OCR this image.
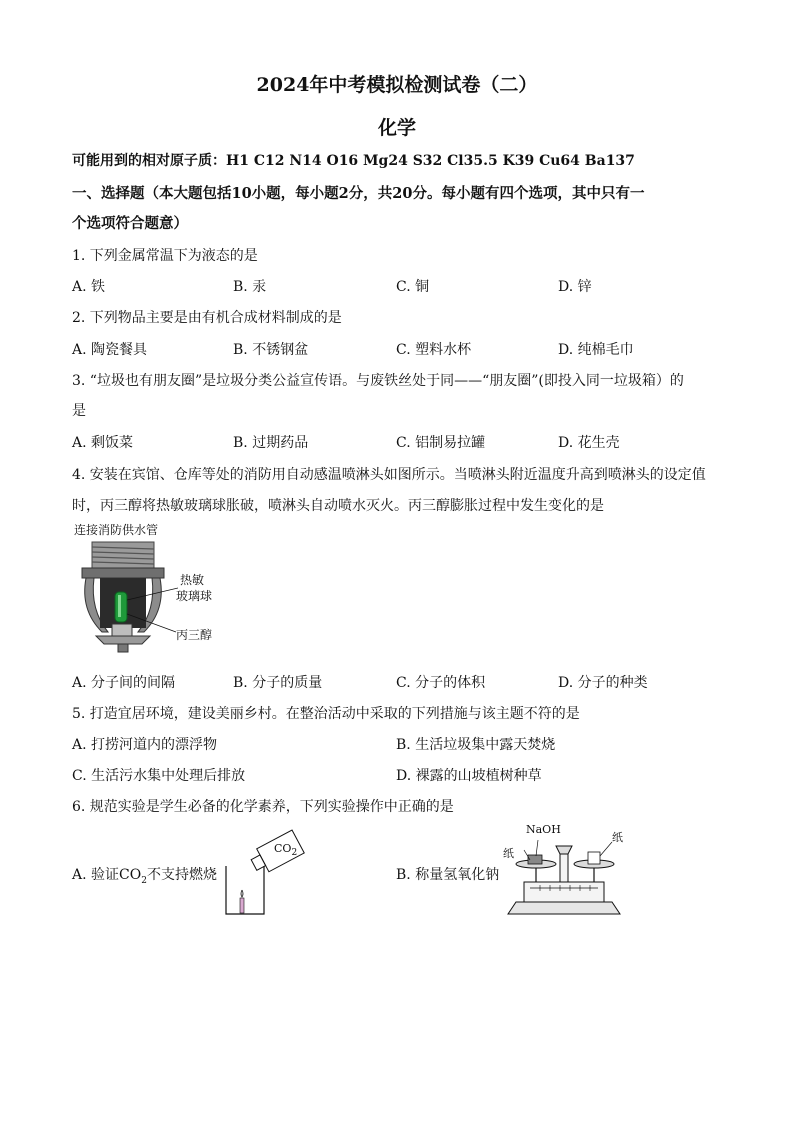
2024年中考模拟检测试卷（二）
化学
可能用到的相对原子质：H1 C12 N14 O16 Mg24 S32 Cl35.5 K39 Cu64 Ba137
一、选择题（本大题包括10小题，每小题2分，共20分。每小题有四个选项，其中只有一
个选项符合题意）
1. 下列金属常温下为液态的是
A. 铁	B. 汞	C. 铜	D. 锌
2. 下列物品主要是由有机合成材料制成的是
A. 陶瓷餐具	B. 不锈钢盆	C. 塑料水杯	D. 纯棉毛巾
3. “垃圾也有朋友圈”是垃圾分类公益宣传语。与废铁丝处于同——“朋友圈”(即投入同一垃圾箱）的
是
A. 剩饭菜	B. 过期药品	C. 铝制易拉罐	D. 花生壳
4. 安装在宾馆、仓库等处的消防用自动感温喷淋头如图所示。当喷淋头附近温度升高到喷淋头的设定值
时，丙三醇将热敏玻璃球胀破，喷淋头自动喷水灭火。丙三醇膨胀过程中发生变化的是
连接消防供水管
热敏
玻璃球
丙三醇
A. 分子间的间隔	B. 分子的质量	C. 分子的体积	D. 分子的种类
5. 打造宜居环境，建设美丽乡村。在整治活动中采取的下列措施与该主题不符的是
A. 打捞河道内的漂浮物	B. 生活垃圾集中露天焚烧
C. 生活污水集中处理后排放	D. 裸露的山坡植树种草
6. 规范实验是学生必备的化学素养，下列实验操作中正确的是
A. 验证$CO_2$不支持燃烧
$CO_2$
B. 称量氢氧化钠
NaOH
纸
纸
